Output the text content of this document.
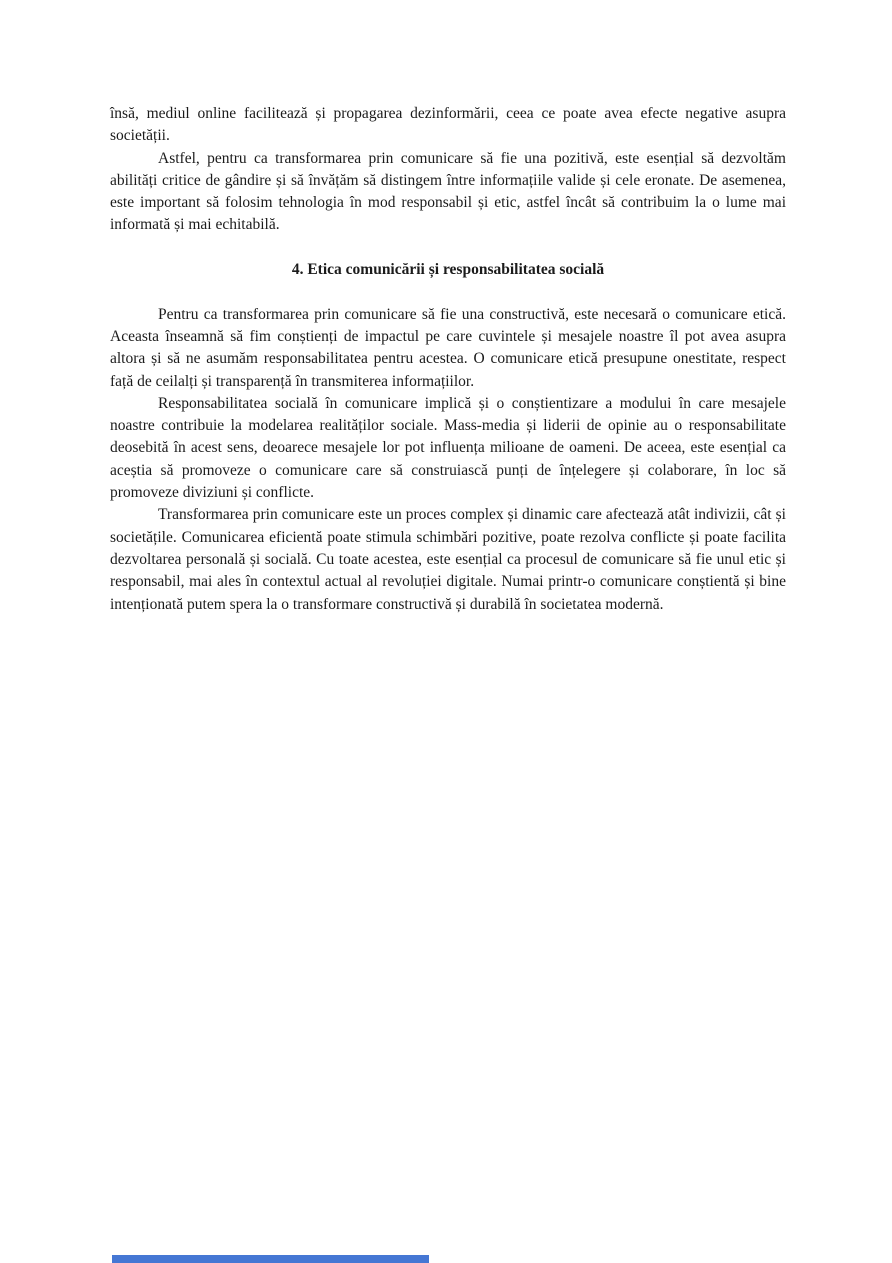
însă, mediul online facilitează și propagarea dezinformării, ceea ce poate avea efecte negative asupra societății.

Astfel, pentru ca transformarea prin comunicare să fie una pozitivă, este esențial să dezvoltăm abilități critice de gândire și să învățăm să distingem între informațiile valide și cele eronate. De asemenea, este important să folosim tehnologia în mod responsabil și etic, astfel încât să contribuim la o lume mai informată și mai echitabilă.

4. Etica comunicării și responsabilitatea socială

Pentru ca transformarea prin comunicare să fie una constructivă, este necesară o comunicare etică. Aceasta înseamnă să fim conștienți de impactul pe care cuvintele și mesajele noastre îl pot avea asupra altora și să ne asumăm responsabilitatea pentru acestea. O comunicare etică presupune onestitate, respect față de ceilalți și transparență în transmiterea informațiilor.

Responsabilitatea socială în comunicare implică și o conștientizare a modului în care mesajele noastre contribuie la modelarea realităților sociale. Mass-media și liderii de opinie au o responsabilitate deosebită în acest sens, deoarece mesajele lor pot influența milioane de oameni. De aceea, este esențial ca aceștia să promoveze o comunicare care să construiască punți de înțelegere și colaborare, în loc să promoveze diviziuni și conflicte.

Transformarea prin comunicare este un proces complex și dinamic care afectează atât indivizii, cât și societățile. Comunicarea eficientă poate stimula schimbări pozitive, poate rezolva conflicte și poate facilita dezvoltarea personală și socială. Cu toate acestea, este esențial ca procesul de comunicare să fie unul etic și responsabil, mai ales în contextul actual al revoluției digitale. Numai printr-o comunicare conștientă și bine intenționată putem spera la o transformare constructivă și durabilă în societatea modernă.
